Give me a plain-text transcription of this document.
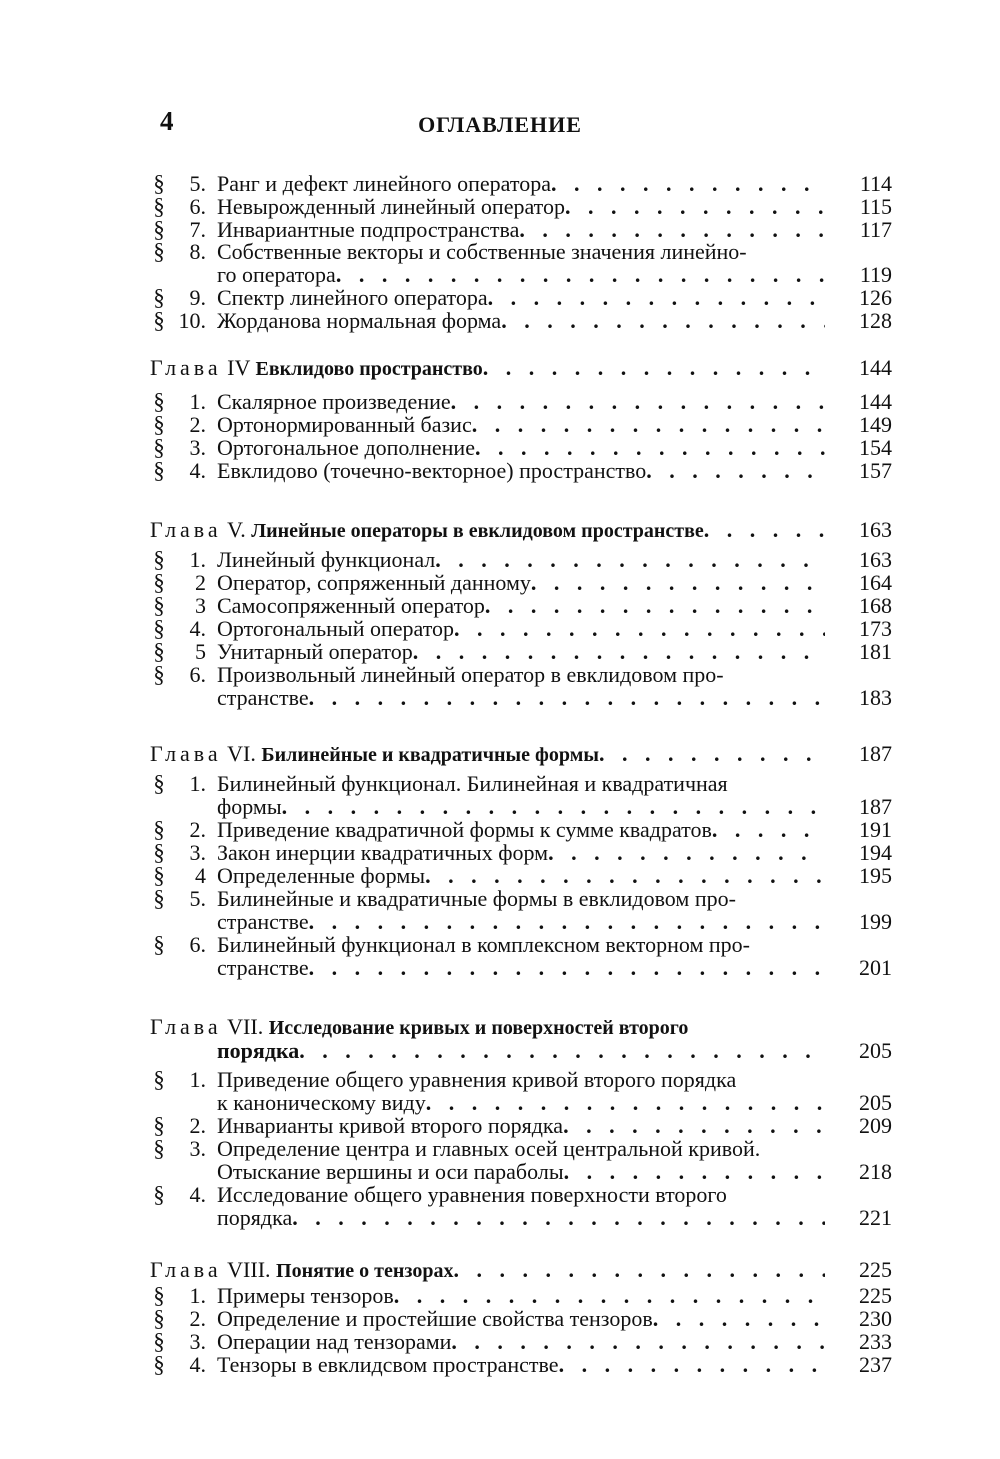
4	ОГЛАВЛЕНИЕ
§	5. Ранг и дефект линейного оператора . . .	114
§	6. Невырожденный линейный оператор . . .	115
§	7. Инвариантные подпространства . . .	117
§	8. Собственные векторы и собственные значения линейно-
го оператора . . .	119
§	9. Спектр линейного оператора . . .	126
§ 10. Жорданова нормальная форма . . .	128
Глава IV Евклидово пространство . . .	144
§	1. Скалярное произведение . . .	144
§	2. Ортонормированный базис . . .	149
§	3. Ортогональное дополнение . . .	154
§	4. Евклидово (точечно-векторное) пространство . . .	157
Глава V. Линейные операторы в евклидовом пространстве . . .	163
§	1. Линейный функционал . . .	163
§	2 Оператор, сопряженный данному . . .	164
§	3 Самосопряженный оператор . . .	168
§	4. Ортогональный оператор . . .	173
§	5 Унитарный оператор . . .	181
§	6. Произвольный линейный оператор в евклидовом про-
странстве . . .	183
Глава VI. Билинейные и квадратичные формы . . .	187
§	1. Билинейный функционал. Билинейная и квадратичная
формы . . .	187
§	2. Приведение квадратичной формы к сумме квадратов . . .	191
§	3. Закон инерции квадратичных форм . . .	194
§	4 Определенные формы . . .	195
§	5. Билинейные и квадратичные формы в евклидовом про-
странстве . . .	199
§	6. Билинейный функционал в комплексном векторном про-
странстве . . .	201
Глава VII. Исследование кривых и поверхностей второго
порядка . . .	205
§	1. Приведение общего уравнения кривой второго порядка
к каноническому виду . . .	205
§	2. Инварианты кривой второго порядка . . .	209
§	3. Определение центра и главных осей центральной кривой.
Отыскание вершины и оси параболы . . .	218
§	4. Исследование общего уравнения поверхности второго
порядка . . .	221
Глава VIII. Понятие о тензорах . . .	225
§	1. Примеры тензоров . . .	225
§	2. Определение и простейшие свойства тензоров . . .	230
§	3. Операции над тензорами . . .	233
§	4. Тензоры в евклидсвом пространстве . . .	237
